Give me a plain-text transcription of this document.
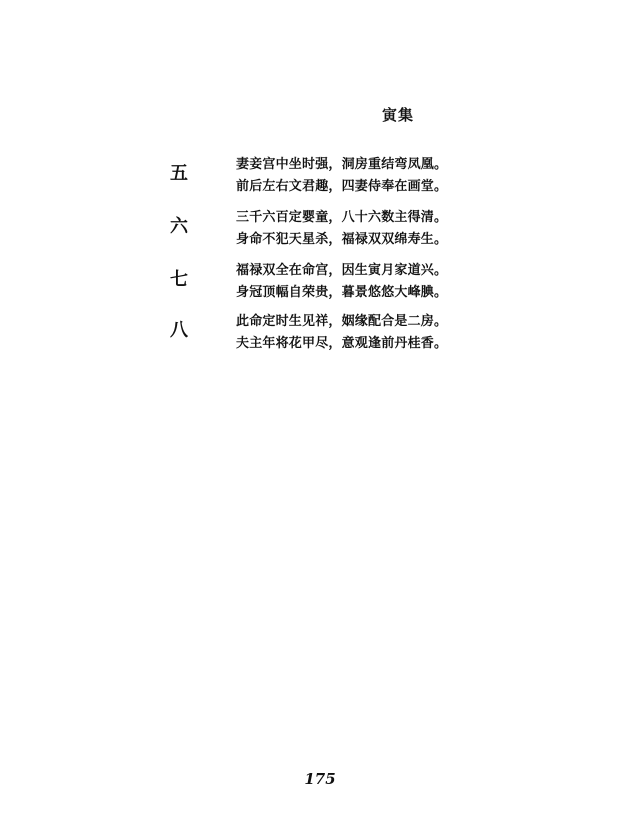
寅集
五	妻妾宫中坐时强，洞房重结弯凤凰。
前后左右文君趣，四妻侍奉在画堂。
六	三千六百定婴童，八十六数主得清。
身命不犯天星杀，福禄双双绵寿生。
七	福禄双全在命宫，因生寅月家道兴。
身冠顶幅自荣贵，暮景悠悠大峰腆。
八	此命定时生见祥，姻缘配合是二房。
夫主年将花甲尽，意观逢前丹桂香。
175
